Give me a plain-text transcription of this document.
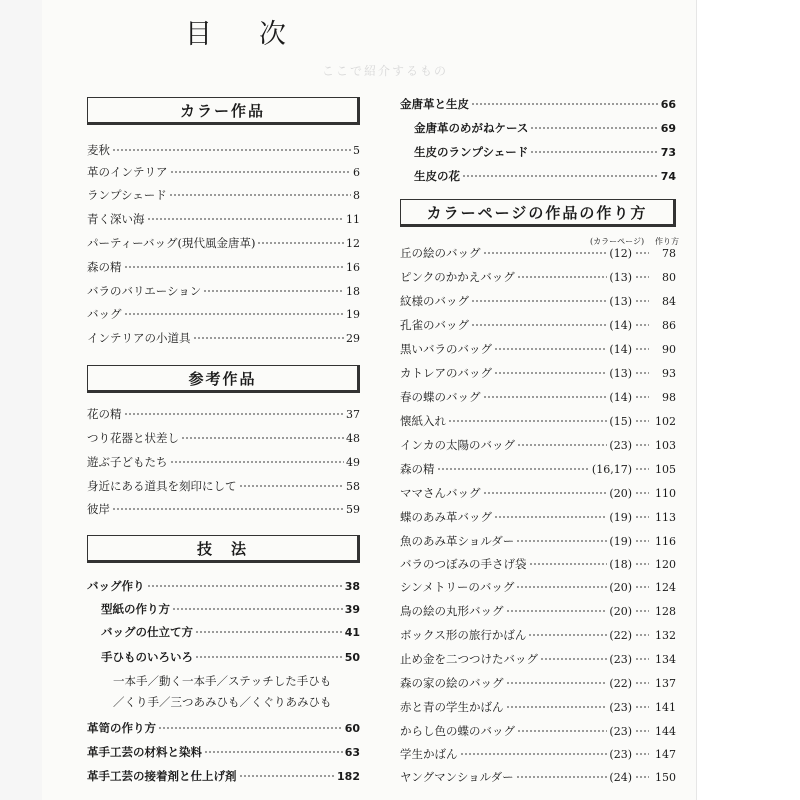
ここで紹介するもの
目　次
カラー作品
麦秋	5
革のインテリア	6
ランプシェード	8
青く深い海	11
パーティーバッグ(現代風金唐革)	12
森の精	16
バラのバリエーション	18
バッグ	19
インテリアの小道具	29
参考作品
花の精	37
つり花器と状差し	48
遊ぶ子どもたち	49
身近にある道具を刻印にして	58
彼岸	59
技　法
バッグ作り	38
型紙の作り方	39
バッグの仕立て方	41
手ひものいろいろ	50
一本手／動く一本手／ステッチした手ひも
／くり手／三つあみひも／くぐりあみひも
革笥の作り方	60
革手工芸の材料と染料	63
革手工芸の接着剤と仕上げ剤	182
金唐革と生皮	66
金唐革のめがねケース	69
生皮のランプシェード	73
生皮の花	74
カラーページの作品の作り方
(カラーページ) 作り方
丘の絵のバッグ	(12)	78
ピンクのかかえバッグ	(13)	80
紋様のバッグ	(13)	84
孔雀のバッグ	(14)	86
黒いバラのバッグ	(14)	90
カトレアのバッグ	(13)	93
春の蝶のバッグ	(14)	98
懐紙入れ	(15) 102
インカの太陽のバッグ	(23) 103
森の精	(16,17) 105
ママさんバッグ	(20) 110
蝶のあみ革バッグ	(19) 113
魚のあみ革ショルダー	(19) 116
バラのつぼみの手さげ袋	(18) 120
シンメトリーのバッグ	(20) 124
鳥の絵の丸形バッグ	(20) 128
ボックス形の旅行かばん	(22) 132
止め金を二つつけたバッグ	(23) 134
森の家の絵のバッグ	(22) 137
赤と青の学生かばん	(23) 141
からし色の蝶のバッグ	(23) 144
学生かばん	(23) 147
ヤングマンショルダー	(24) 150
